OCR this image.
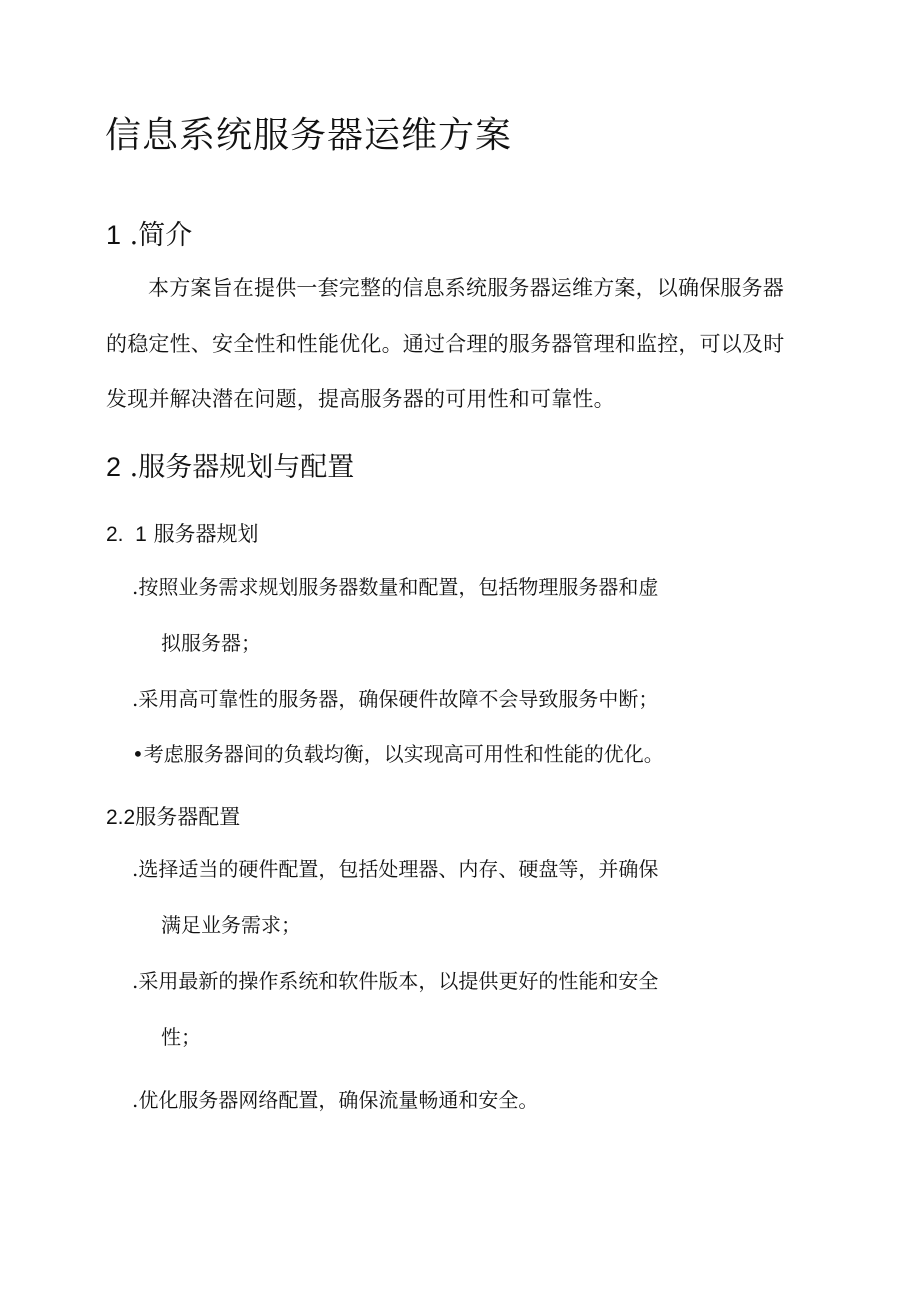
信息系统服务器运维方案
1 .简介
本方案旨在提供一套完整的信息系统服务器运维方案，以确保服务器
的稳定性、安全性和性能优化。通过合理的服务器管理和监控，可以及时
发现并解决潜在问题，提高服务器的可用性和可靠性。
2 .服务器规划与配置
2.  1 服务器规划
.按照业务需求规划服务器数量和配置，包括物理服务器和虚
拟服务器；
.采用高可靠性的服务器，确保硬件故障不会导致服务中断；
•考虑服务器间的负载均衡，以实现高可用性和性能的优化。
2.2服务器配置
.选择适当的硬件配置，包括处理器、内存、硬盘等，并确保
满足业务需求；
.采用最新的操作系统和软件版本，以提供更好的性能和安全
性；
.优化服务器网络配置，确保流量畅通和安全。
